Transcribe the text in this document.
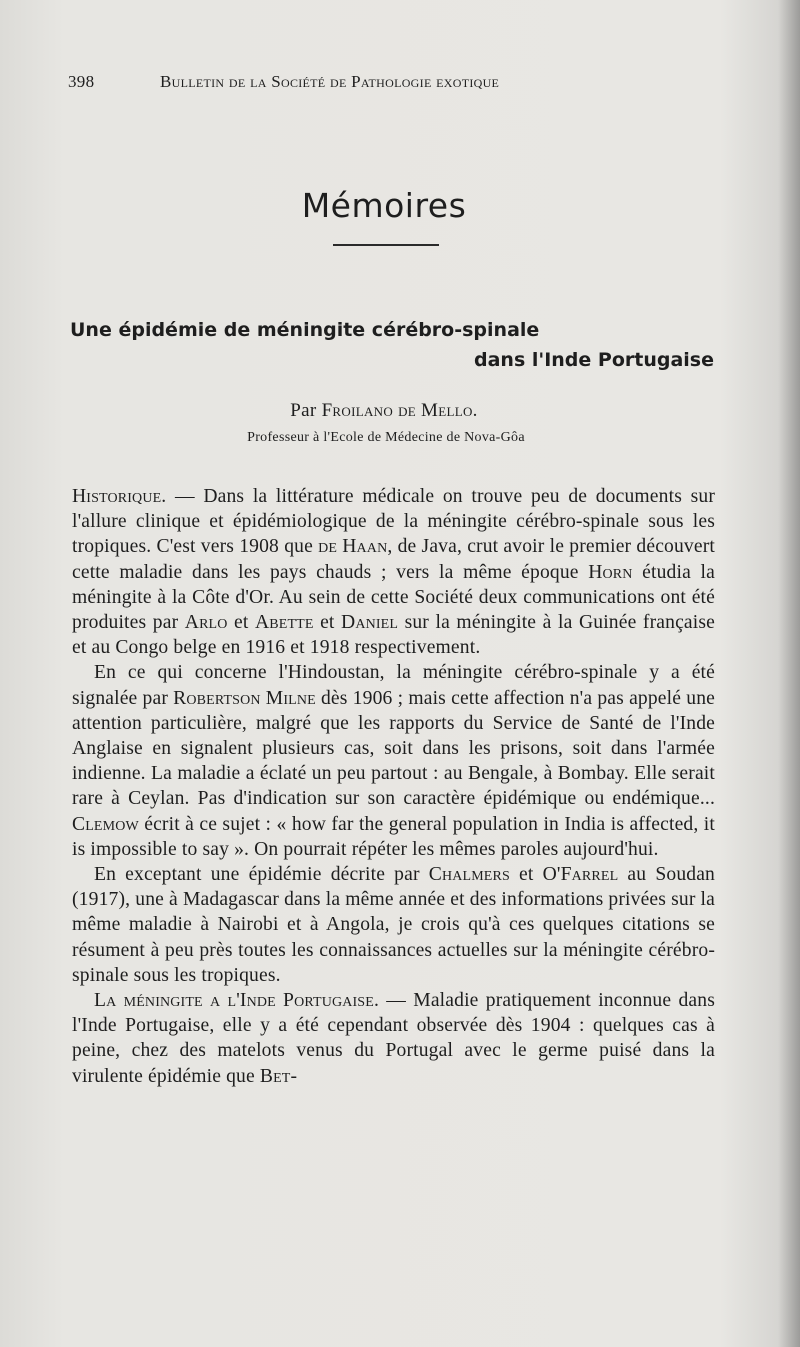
398	Bulletin de la Société de Pathologie exotique
Mémoires
Une épidémie de méningite cérébro-spinale
dans l'Inde Portugaise
Par Froilano de Mello.
Professeur à l'Ecole de Médecine de Nova-Gôa

Historique. — Dans la littérature médicale on trouve peu de documents sur l'allure clinique et épidémiologique de la méningite cérébro-spinale sous les tropiques. C'est vers 1908 que de Haan, de Java, crut avoir le premier découvert cette maladie dans les pays chauds ; vers la même époque Horn étudia la méningite à la Côte d'Or. Au sein de cette Société deux communications ont été produites par Arlo et Abette et Daniel sur la méningite à la Guinée française et au Congo belge en 1916 et 1918 respectivement.

En ce qui concerne l'Hindoustan, la méningite cérébro-spinale y a été signalée par Robertson Milne dès 1906 ; mais cette affection n'a pas appelé une attention particulière, malgré que les rapports du Service de Santé de l'Inde Anglaise en signalent plusieurs cas, soit dans les prisons, soit dans l'armée indienne. La maladie a éclaté un peu partout : au Bengale, à Bombay. Elle serait rare à Ceylan. Pas d'indication sur son caractère épidémique ou endémique... Clemow écrit à ce sujet : « how far the general population in India is affected, it is impossible to say ». On pourrait répéter les mêmes paroles aujourd'hui.

En exceptant une épidémie décrite par Chalmers et O'Farrel au Soudan (1917), une à Madagascar dans la même année et des informations privées sur la même maladie à Nairobi et à Angola, je crois qu'à ces quelques citations se résument à peu près toutes les connaissances actuelles sur la méningite cérébro-spinale sous les tropiques.

La méningite a l'Inde Portugaise. — Maladie pratiquement inconnue dans l'Inde Portugaise, elle y a été cependant observée dès 1904 : quelques cas à peine, chez des matelots venus du Portugal avec le germe puisé dans la virulente épidémie que Bet-
